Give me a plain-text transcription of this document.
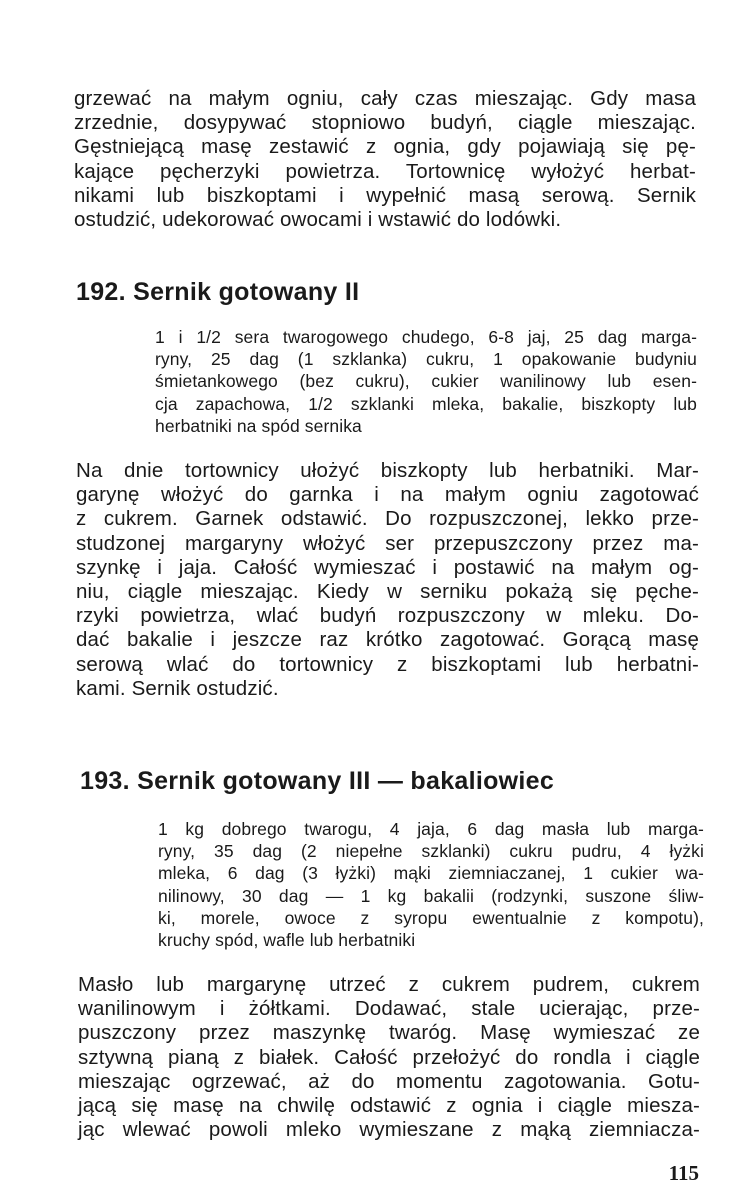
grzewać na małym ogniu, cały czas mieszając. Gdy masa
zrzednie, dosypywać stopniowo budyń, ciągle mieszając.
Gęstniejącą masę zestawić z ognia, gdy pojawiają się pę-
kające pęcherzyki powietrza. Tortownicę wyłożyć herbat-
nikami lub biszkoptami i wypełnić masą serową. Sernik
ostudzić, udekorować owocami i wstawić do lodówki.
192. Sernik gotowany II
1 i 1/2 sera twarogowego chudego, 6-8 jaj, 25 dag marga-
ryny, 25 dag (1 szklanka) cukru, 1 opakowanie budyniu
śmietankowego (bez cukru), cukier wanilinowy lub esen-
cja zapachowa, 1/2 szklanki mleka, bakalie, biszkopty lub
herbatniki na spód sernika
Na dnie tortownicy ułożyć biszkopty lub herbatniki. Mar-
garynę włożyć do garnka i na małym ogniu zagotować
z cukrem. Garnek odstawić. Do rozpuszczonej, lekko prze-
studzonej margaryny włożyć ser przepuszczony przez ma-
szynkę i jaja. Całość wymieszać i postawić na małym og-
niu, ciągle mieszając. Kiedy w serniku pokażą się pęche-
rzyki powietrza, wlać budyń rozpuszczony w mleku. Do-
dać bakalie i jeszcze raz krótko zagotować. Gorącą masę
serową wlać do tortownicy z biszkoptami lub herbatni-
kami. Sernik ostudzić.
193. Sernik gotowany III — bakaliowiec
1 kg dobrego twarogu, 4 jaja, 6 dag masła lub marga-
ryny, 35 dag (2 niepełne szklanki) cukru pudru, 4 łyżki
mleka, 6 dag (3 łyżki) mąki ziemniaczanej, 1 cukier wa-
nilinowy, 30 dag — 1 kg bakalii (rodzynki, suszone śliw-
ki, morele, owoce z syropu ewentualnie z kompotu),
kruchy spód, wafle lub herbatniki
Masło lub margarynę utrzeć z cukrem pudrem, cukrem
wanilinowym i żółtkami. Dodawać, stale ucierając, prze-
puszczony przez maszynkę twaróg. Masę wymieszać ze
sztywną pianą z białek. Całość przełożyć do rondla i ciągle
mieszając ogrzewać, aż do momentu zagotowania. Gotu-
jącą się masę na chwilę odstawić z ognia i ciągle miesza-
jąc wlewać powoli mleko wymieszane z mąką ziemniacza-
115
